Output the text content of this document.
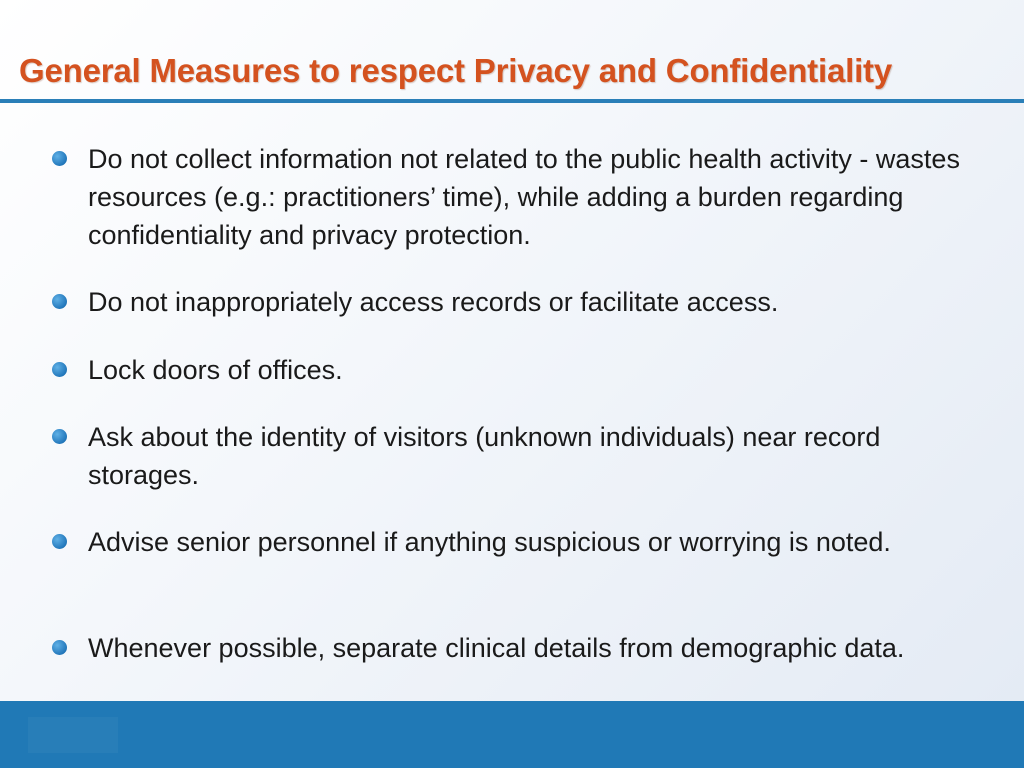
General Measures to respect Privacy and Confidentiality
Do not collect information not related to the public health activity - wastes resources (e.g.: practitioners’ time), while adding a burden regarding confidentiality and privacy protection.
Do not inappropriately access records or facilitate access.
Lock doors of offices.
Ask about the identity of visitors (unknown individuals) near record storages.
Advise senior personnel if anything suspicious or worrying is noted.
Whenever possible, separate clinical details from demographic data.
